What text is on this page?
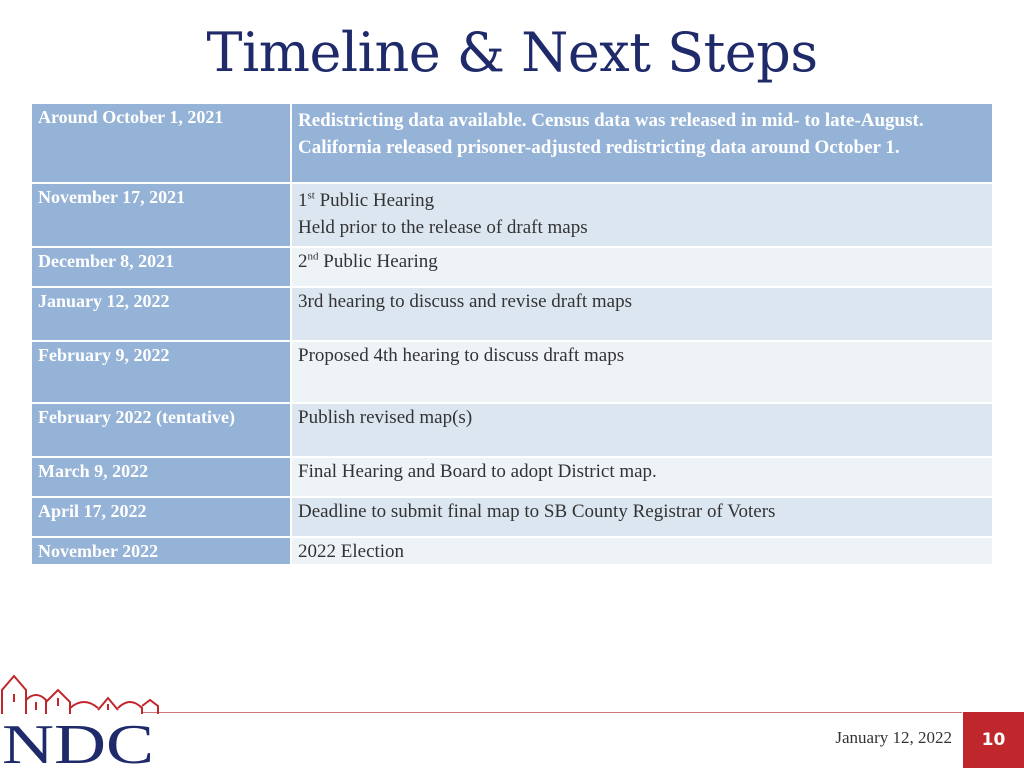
Timeline & Next Steps
Around October 1, 2021	Redistricting data available. Census data was released in mid- to late-August. California released prisoner-adjusted redistricting data around October 1.
November 17, 2021	1st Public Hearing
Held prior to the release of draft maps
December 8, 2021	2nd Public Hearing
January 12, 2022	3rd hearing to discuss and revise draft maps
February 9, 2022	Proposed 4th hearing to discuss draft maps
February 2022 (tentative)	Publish revised map(s)
March 9, 2022	Final Hearing and Board to adopt District map.
April 17, 2022	Deadline to submit final map to SB County Registrar of Voters
November 2022	2022 Election
NDC	January 12, 2022	10
